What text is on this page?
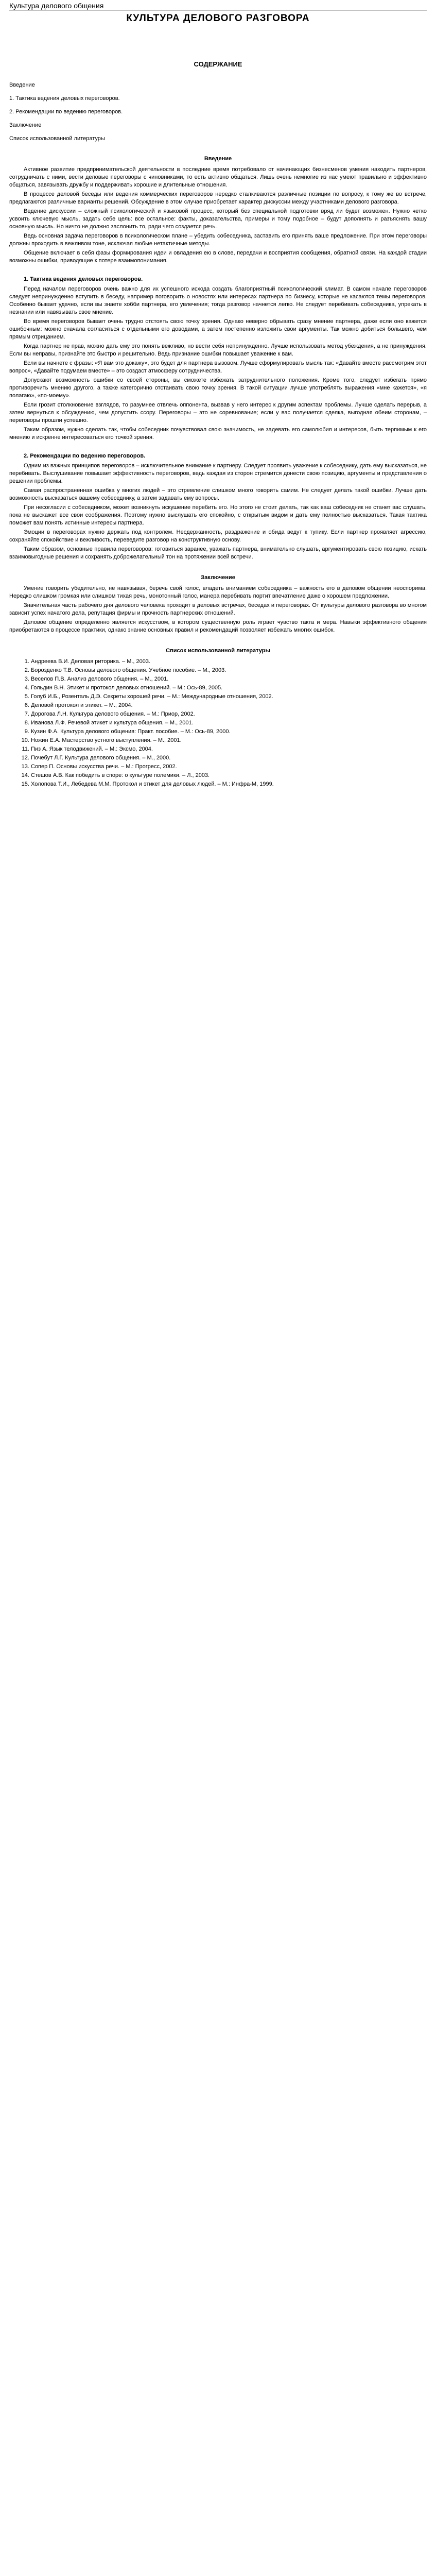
Культура делового общения
КУЛЬТУРА ДЕЛОВОГО РАЗГОВОРА
СОДЕРЖАНИЕ
Введение
1. Тактика ведения деловых переговоров.
2. Рекомендации по ведению переговоров.
Заключение
Список использованной литературы
Введение

Активное развитие предпринимательской деятельности в последние время потребовало от начинающих бизнесменов умения находить партнеров, сотрудничать с ними, вести деловые переговоры с чиновниками, то есть активно общаться. Лишь очень немногие из нас умеют правильно и эффективно общаться, завязывать дружбу и поддерживать хорошие и длительные отношения.

В процессе деловой беседы или ведения коммерческих переговоров нередко сталкиваются различные позиции по вопросу, к тому же во встрече, предлагаются различные варианты решений. Обсуждение в этом случае приобретает характер дискуссии между участниками делового разговора.

Ведение дискуссии – сложный психологический и языковой процесс, который без специальной подготовки вряд ли будет возможен. Нужно четко усвоить ключевую мысль, задать себе цель: все остальное: факты, доказательства, примеры и тому подобное – будут дополнять и разъяснять вашу основную мысль. Но ничто не должно заслонить то, ради чего создается речь.

Ведь основная задача переговоров в психологическом плане – убедить собеседника, заставить его принять ваше предложение. При этом переговоры должны проходить в вежливом тоне, исключая любые нетактичные методы.

Общение включает в себя фазы формирования идеи и овладения ею в слове, передачи и восприятия сообщения, обратной связи. На каждой стадии возможны ошибки, приводящие к потере взаимопонимания.

1. Тактика ведения деловых переговоров.

Перед началом переговоров очень важно для их успешного исхода создать благоприятный психологический климат. В самом начале переговоров следует непринужденно вступить в беседу, например поговорить о новостях или интересах партнера по бизнесу, которые не касаются темы переговоров. Особенно бывает удачно, если вы знаете хобби партнера, его увлечения; тогда разговор начнется легко. Не следует перебивать собеседника, упрекать в незнании или навязывать свое мнение.

Во время переговоров бывает очень трудно отстоять свою точку зрения. Однако неверно обрывать сразу мнение партнера, даже если оно кажется ошибочным: можно сначала согласиться с отдельными его доводами, а затем постепенно изложить свои аргументы. Так можно добиться большего, чем прямым отрицанием.

Когда партнер не прав, можно дать ему это понять вежливо, но вести себя непринужденно. Лучше использовать метод убеждения, а не принуждения. Если вы неправы, признайте это быстро и решительно. Ведь признание ошибки повышает уважение к вам.

Если вы начнете с фразы: «Я вам это докажу», это будет для партнера вызовом. Лучше сформулировать мысль так: «Давайте вместе рассмотрим этот вопрос», «Давайте подумаем вместе» – это создаст атмосферу сотрудничества.

Допускают возможность ошибки со своей стороны, вы сможете избежать затруднительного положения. Кроме того, следует избегать прямо противоречить мнению другого, а также категорично отстаивать свою точку зрения. В такой ситуации лучше употреблять выражения «мне кажется», «я полагаю», «по-моему».

Если грозит столкновение взглядов, то разумнее отвлечь оппонента, вызвав у него интерес к другим аспектам проблемы. Лучше сделать перерыв, а затем вернуться к обсуждению, чем допустить ссору. Переговоры – это не соревнование; если у вас получается сделка, выгодная обеим сторонам, – переговоры прошли успешно.

Таким образом, нужно сделать так, чтобы собеседник почувствовал свою значимость, не задевать его самолюбия и интересов, быть терпимым к его мнению и искренне интересоваться его точкой зрения.

2. Рекомендации по ведению переговоров.

Одним из важных принципов переговоров – исключительное внимание к партнеру. Следует проявить уважение к собеседнику, дать ему высказаться, не перебивать. Выслушивание повышает эффективность переговоров, ведь каждая из сторон стремится донести свою позицию, аргументы и представления о решении проблемы.

Самая распространенная ошибка у многих людей – это стремление слишком много говорить самим. Не следует делать такой ошибки. Лучше дать возможность высказаться вашему собеседнику, а затем задавать ему вопросы.

При несогласии с собеседником, может возникнуть искушение перебить его. Но этого не стоит делать, так как ваш собеседник не станет вас слушать, пока не выскажет все свои соображения. Поэтому нужно выслушать его спокойно, с открытым видом и дать ему полностью высказаться. Такая тактика поможет вам понять истинные интересы партнера.

Эмоции в переговорах нужно держать под контролем. Несдержанность, раздражение и обида ведут к тупику. Если партнер проявляет агрессию, сохраняйте спокойствие и вежливость, переведите разговор на конструктивную основу.

Таким образом, основные правила переговоров: готовиться заранее, уважать партнера, внимательно слушать, аргументировать свою позицию, искать взаимовыгодные решения и сохранять доброжелательный тон на протяжении всей встречи.

Заключение

Умение говорить убедительно, не навязывая, беречь свой голос, владеть вниманием собеседника – важность его в деловом общении неоспорима. Нередко слишком громкая или слишком тихая речь, монотонный голос, манера перебивать портит впечатление даже о хорошем предложении.

Значительная часть рабочего дня делового человека проходит в деловых встречах, беседах и переговорах. От культуры делового разговора во многом зависит успех начатого дела, репутация фирмы и прочность партнерских отношений.

Деловое общение определенно является искусством, в котором существенную роль играет чувство такта и мера. Навыки эффективного общения приобретаются в процессе практики, однако знание основных правил и рекомендаций позволяет избежать многих ошибок.

Список использованной литературы
1. Андреева В.И. Деловая риторика. – М., 2003.
2. Борозденко Т.В. Основы делового общения. Учебное пособие. – М., 2003.
3. Веселов П.В. Анализ делового общения. – М., 2001.
4. Гольдин В.Н. Этикет и протокол деловых отношений. – М.: Ось-89, 2005.
5. Голуб И.Б., Розенталь Д.Э. Секреты хорошей речи. – М.: Международные отношения, 2002.
6. Деловой протокол и этикет. – М., 2004.
7. Дорогова Л.Н. Культура делового общения. – М.: Приор, 2002.
8. Иванова Л.Ф. Речевой этикет и культура общения. – М., 2001.
9. Кузин Ф.А. Культура делового общения: Практ. пособие. – М.: Ось-89, 2000.
10. Ножин Е.А. Мастерство устного выступления. – М., 2001.
11. Пиз А. Язык телодвижений. – М.: Эксмо, 2004.
12. Почебут Л.Г. Культура делового общения. – М., 2000.
13. Сопер П. Основы искусства речи. – М.: Прогресс, 2002.
14. Стешов А.В. Как победить в споре: о культуре полемики. – Л., 2003.
15. Холопова Т.И., Лебедева М.М. Протокол и этикет для деловых людей. – М.: Инфра-М, 1999.
